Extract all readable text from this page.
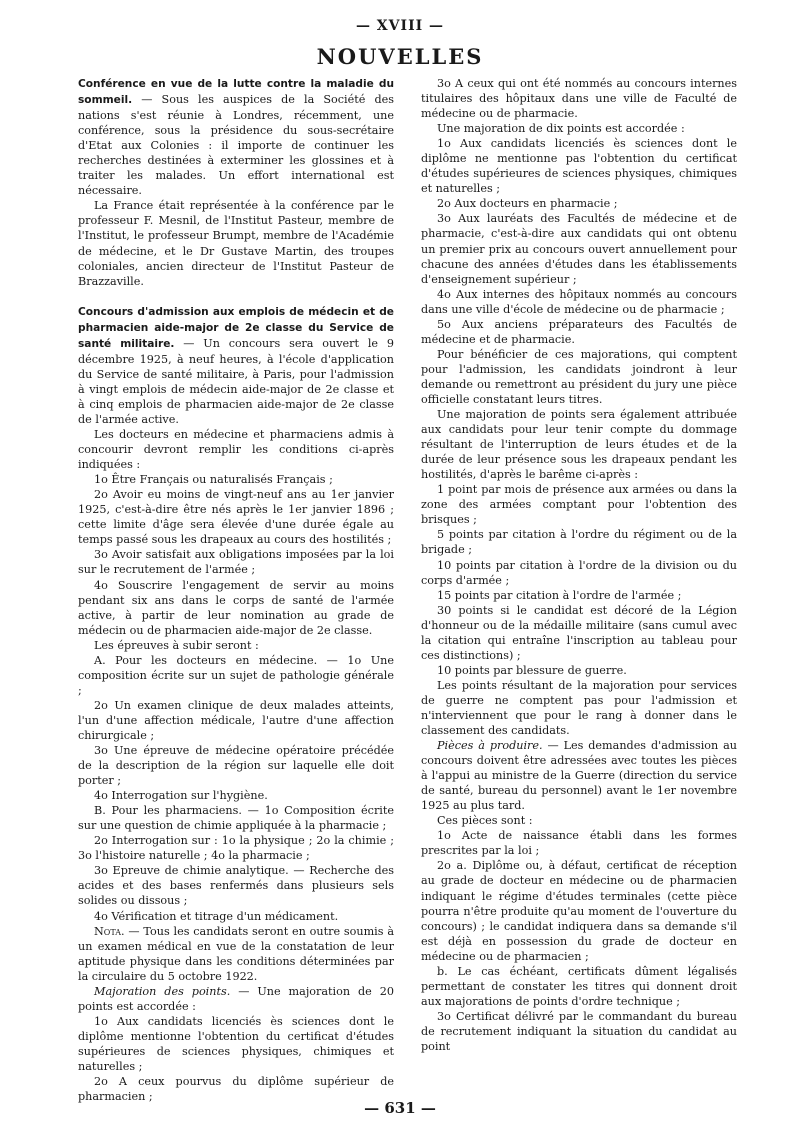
— XVIII —
NOUVELLES

Conférence en vue de la lutte contre la maladie du sommeil. — Sous les auspices de la Société des nations s'est réunie à Londres, récemment, une conférence, sous la présidence du sous-secrétaire d'Etat aux Colonies : il importe de continuer les recherches destinées à exterminer les glossines et à traiter les malades. Un effort international est nécessaire.

La France était représentée à la conférence par le professeur F. Mesnil, de l'Institut Pasteur, membre de l'Institut, le professeur Brumpt, membre de l'Académie de médecine, et le Dr Gustave Martin, des troupes coloniales, ancien directeur de l'Institut Pasteur de Brazzaville.

Concours d'admission aux emplois de médecin et de pharmacien aide-major de 2e classe du Service de santé militaire. — Un concours sera ouvert le 9 décembre 1925, à neuf heures, à l'école d'application du Service de santé militaire, à Paris, pour l'admission à vingt emplois de médecin aide-major de 2e classe et à cinq emplois de pharmacien aide-major de 2e classe de l'armée active.

Les docteurs en médecine et pharmaciens admis à concourir devront remplir les conditions ci-après indiquées :

1o Être Français ou naturalisés Français ;

2o Avoir eu moins de vingt-neuf ans au 1er janvier 1925, c'est-à-dire être nés après le 1er janvier 1896 ; cette limite d'âge sera élevée d'une durée égale au temps passé sous les drapeaux au cours des hostilités ;

3o Avoir satisfait aux obligations imposées par la loi sur le recrutement de l'armée ;

4o Souscrire l'engagement de servir au moins pendant six ans dans le corps de santé de l'armée active, à partir de leur nomination au grade de médecin ou de pharmacien aide-major de 2e classe.

Les épreuves à subir seront :

A. Pour les docteurs en médecine. — 1o Une composition écrite sur un sujet de pathologie générale ;

2o Un examen clinique de deux malades atteints, l'un d'une affection médicale, l'autre d'une affection chirurgicale ;

3o Une épreuve de médecine opératoire précédée de la description de la région sur laquelle elle doit porter ;

4o Interrogation sur l'hygiène.

B. Pour les pharmaciens. — 1o Composition écrite sur une question de chimie appliquée à la pharmacie ;

2o Interrogation sur : 1o la physique ; 2o la chimie ; 3o l'histoire naturelle ; 4o la pharmacie ;

3o Epreuve de chimie analytique. — Recherche des acides et des bases renfermés dans plusieurs sels solides ou dissous ;

4o Vérification et titrage d'un médicament.

Nota. — Tous les candidats seront en outre soumis à un examen médical en vue de la constatation de leur aptitude physique dans les conditions déterminées par la circulaire du 5 octobre 1922.

Majoration des points. — Une majoration de 20 points est accordée :

1o Aux candidats licenciés ès sciences dont le diplôme mentionne l'obtention du certificat d'études supérieures de sciences physiques, chimiques et naturelles ;

2o A ceux pourvus du diplôme supérieur de pharmacien ;

3o A ceux qui ont été nommés au concours internes titulaires des hôpitaux dans une ville de Faculté de médecine ou de pharmacie.

Une majoration de dix points est accordée :

1o Aux candidats licenciés ès sciences dont le diplôme ne mentionne pas l'obtention du certificat d'études supérieures de sciences physiques, chimiques et naturelles ;

2o Aux docteurs en pharmacie ;

3o Aux lauréats des Facultés de médecine et de pharmacie, c'est-à-dire aux candidats qui ont obtenu un premier prix au concours ouvert annuellement pour chacune des années d'études dans les établissements d'enseignement supérieur ;

4o Aux internes des hôpitaux nommés au concours dans une ville d'école de médecine ou de pharmacie ;

5o Aux anciens préparateurs des Facultés de médecine et de pharmacie.

Pour bénéficier de ces majorations, qui comptent pour l'admission, les candidats joindront à leur demande ou remettront au président du jury une pièce officielle constatant leurs titres.

Une majoration de points sera également attribuée aux candidats pour leur tenir compte du dommage résultant de l'interruption de leurs études et de la durée de leur présence sous les drapeaux pendant les hostilités, d'après le barême ci-après :

1 point par mois de présence aux armées ou dans la zone des armées comptant pour l'obtention des brisques ;

5 points par citation à l'ordre du régiment ou de la brigade ;

10 points par citation à l'ordre de la division ou du corps d'armée ;

15 points par citation à l'ordre de l'armée ;

30 points si le candidat est décoré de la Légion d'honneur ou de la médaille militaire (sans cumul avec la citation qui entraîne l'inscription au tableau pour ces distinctions) ;

10 points par blessure de guerre.

Les points résultant de la majoration pour services de guerre ne comptent pas pour l'admission et n'interviennent que pour le rang à donner dans le classement des candidats.

Pièces à produire. — Les demandes d'admission au concours doivent être adressées avec toutes les pièces à l'appui au ministre de la Guerre (direction du service de santé, bureau du personnel) avant le 1er novembre 1925 au plus tard.

Ces pièces sont :

1o Acte de naissance établi dans les formes prescrites par la loi ;

2o a. Diplôme ou, à défaut, certificat de réception au grade de docteur en médecine ou de pharmacien indiquant le régime d'études terminales (cette pièce pourra n'être produite qu'au moment de l'ouverture du concours) ; le candidat indiquera dans sa demande s'il est déjà en possession du grade de docteur en médecine ou de pharmacien ;

b. Le cas échéant, certificats dûment légalisés permettant de constater les titres qui donnent droit aux majorations de points d'ordre technique ;

3o Certificat délivré par le commandant du bureau de recrutement indiquant la situation du candidat au point

— 631 —
